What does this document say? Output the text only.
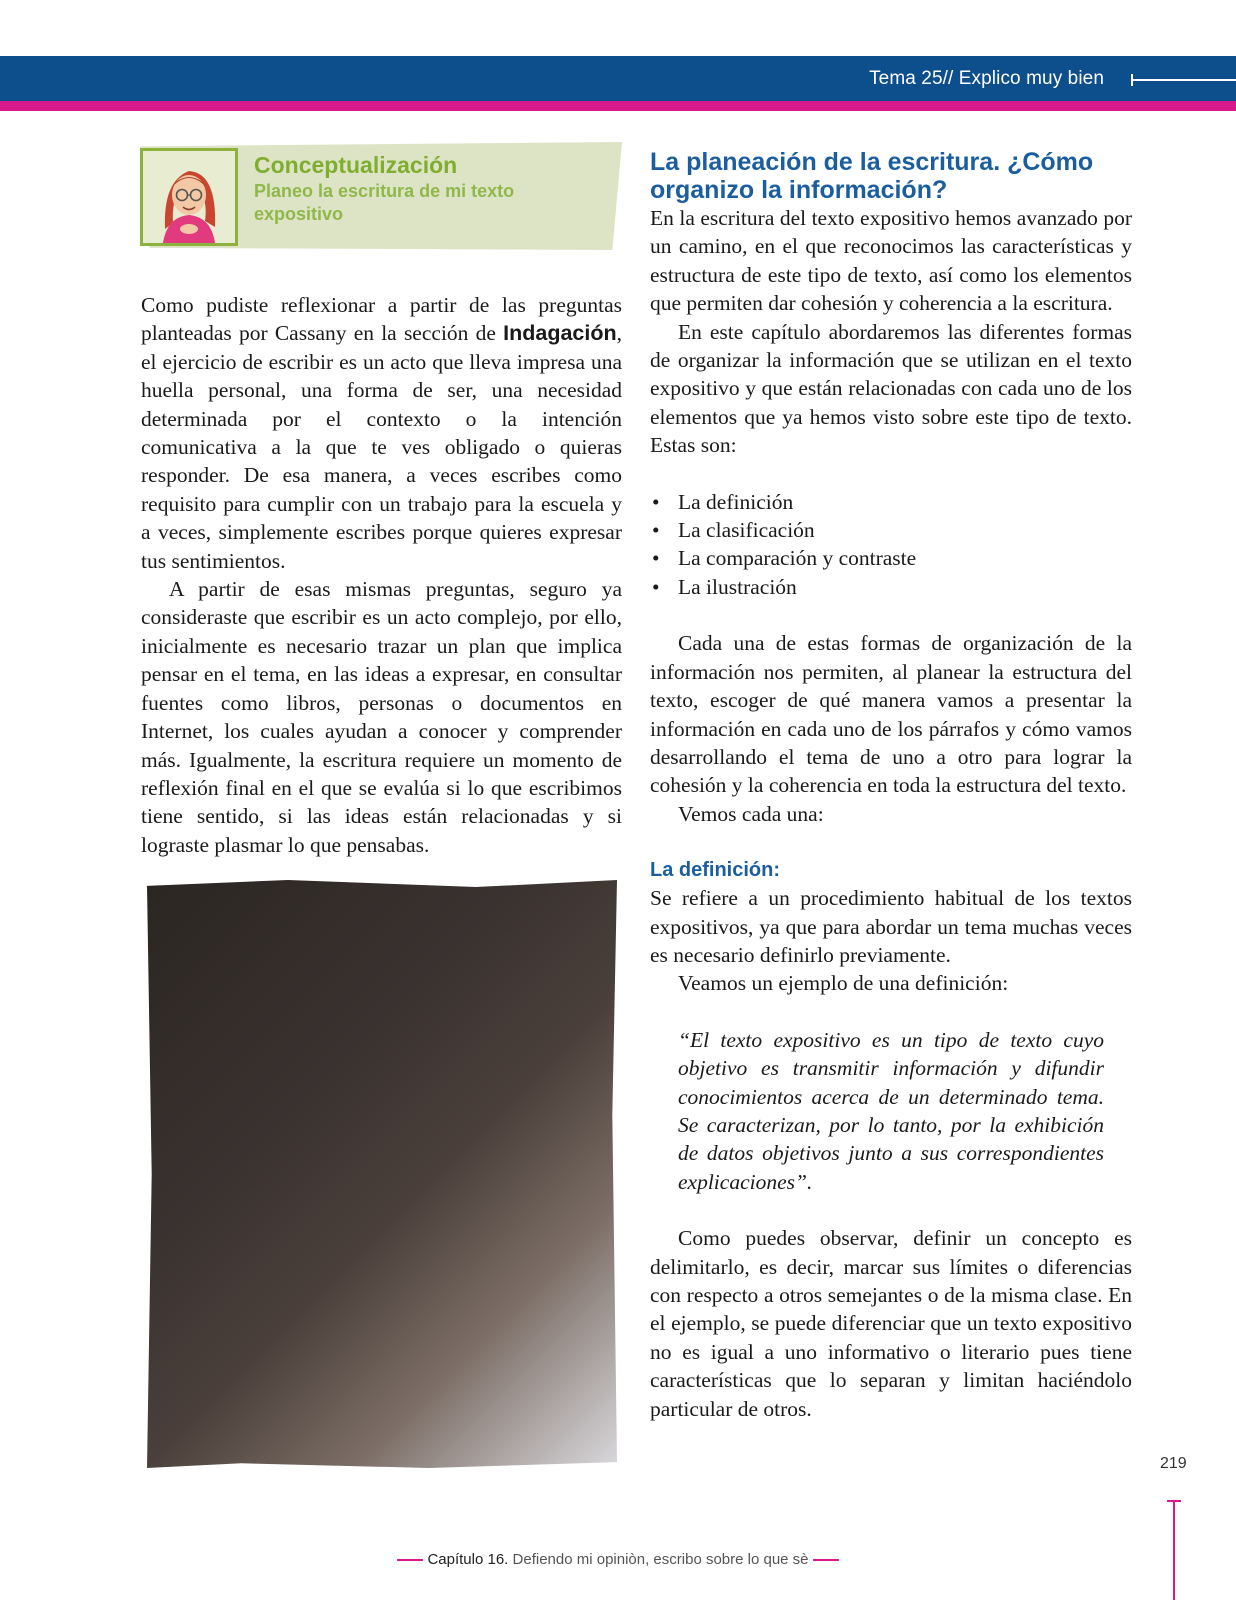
Tema 25// Explico muy bien
Conceptualización
Planeo la escritura de mi texto expositivo

Como pudiste reflexionar a partir de las preguntas planteadas por Cassany en la sección de Indagación, el ejercicio de escribir es un acto que lleva impresa una huella personal, una forma de ser, una necesidad determinada por el contexto o la intención comunicativa a la que te ves obligado o quieras responder. De esa manera, a veces escribes como requisito para cumplir con un trabajo para la escuela y a veces, simplemente escribes porque quieres expresar tus sentimientos.

A partir de esas mismas preguntas, seguro ya consideraste que escribir es un acto complejo, por ello, inicialmente es necesario trazar un plan que implica pensar en el tema, en las ideas a expresar, en consultar fuentes como libros, personas o documentos en Internet, los cuales ayudan a conocer y comprender más. Igualmente, la escritura requiere un momento de reflexión final en el que se evalúa si lo que escribimos tiene sentido, si las ideas están relacionadas y si lograste plasmar lo que pensabas.

La planeación de la escritura. ¿Cómo organizo la información?

En la escritura del texto expositivo hemos avanzado por un camino, en el que reconocimos las características y estructura de este tipo de texto, así como los elementos que permiten dar cohesión y coherencia a la escritura.

En este capítulo abordaremos las diferentes formas de organizar la información que se utilizan en el texto expositivo y que están relacionadas con cada uno de los elementos que ya hemos visto sobre este tipo de texto. Estas son:

• La definición
• La clasificación
• La comparación y contraste
• La ilustración

Cada una de estas formas de organización de la información nos permiten, al planear la estructura del texto, escoger de qué manera vamos a presentar la información en cada uno de los párrafos y cómo vamos desarrollando el tema de uno a otro para lograr la cohesión y la coherencia en toda la estructura del texto.

Vemos cada una:

La definición:

Se refiere a un procedimiento habitual de los textos expositivos, ya que para abordar un tema muchas veces es necesario definirlo previamente.

Veamos un ejemplo de una definición:

“El texto expositivo es un tipo de texto cuyo objetivo es transmitir información y difundir conocimientos acerca de un determinado tema. Se caracterizan, por lo tanto, por la exhibición de datos objetivos junto a sus correspondientes explicaciones”.

Como puedes observar, definir un concepto es delimitarlo, es decir, marcar sus límites o diferencias con respecto a otros semejantes o de la misma clase. En el ejemplo, se puede diferenciar que un texto expositivo no es igual a uno informativo o literario pues tiene características que lo separan y limitan haciéndolo particular de otros.

219
Capítulo 16. Defiendo mi opiniòn, escribo sobre lo que sè
